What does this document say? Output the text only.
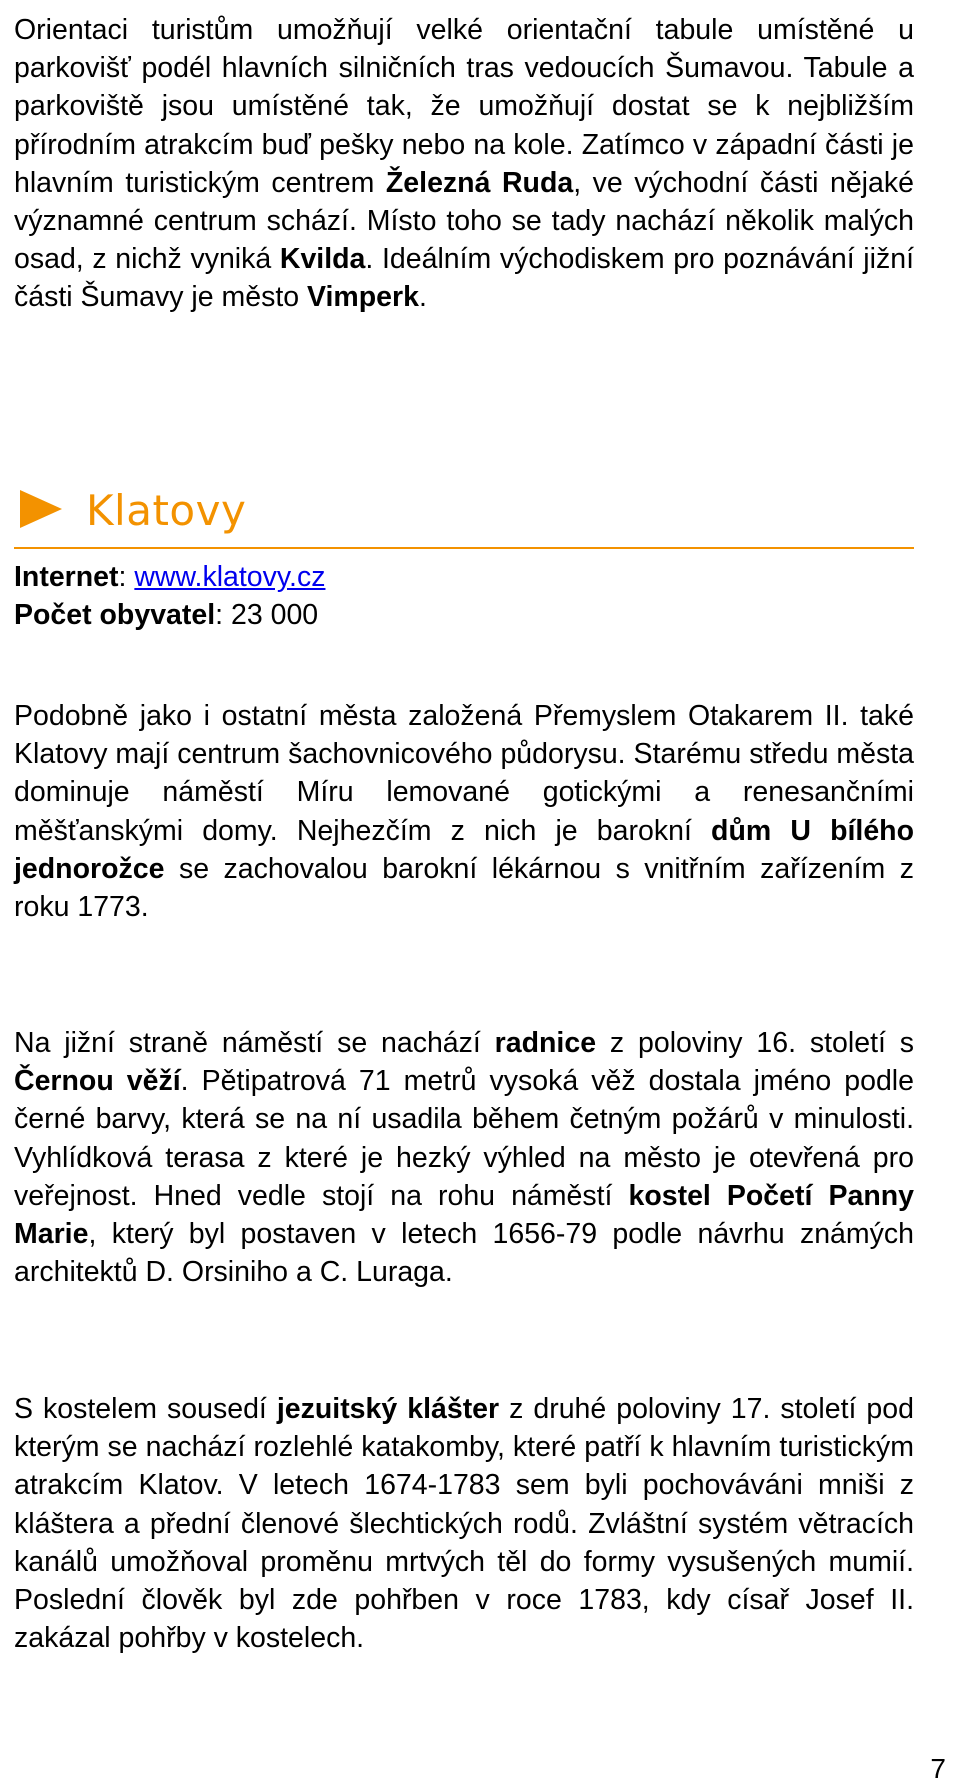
Orientaci turistům umožňují velké orientační tabule umístěné u parkovišť podél hlavních silničních tras vedoucích Šumavou. Tabule a parkoviště jsou umístěné tak, že umožňují dostat se k nejbližším přírodním atrakcím buď pešky nebo na kole. Zatímco v západní části je hlavním turistickým centrem Železná Ruda, ve východní části nějaké významné centrum schází. Místo toho se tady nachází několik malých osad, z nichž vyniká Kvilda. Ideálním východiskem pro poznávání jižní části Šumavy je město Vimperk.

Klatovy
Internet: www.klatovy.cz
Počet obyvatel: 23 000

Podobně jako i ostatní města založená Přemyslem Otakarem II. také Klatovy mají centrum šachovnicového půdorysu. Starému středu města dominuje náměstí Míru lemované gotickými a renesančními měšťanskými domy. Nejhezčím z nich je barokní dům U bílého jednorožce se zachovalou barokní lékárnou s vnitřním zařízením z roku 1773.

Na jižní straně náměstí se nachází radnice z poloviny 16. století s Černou věží. Pětipatrová 71 metrů vysoká věž dostala jméno podle černé barvy, která se na ní usadila během četným požárů v minulosti. Vyhlídková terasa z které je hezký výhled na město je otevřená pro veřejnost. Hned vedle stojí na rohu náměstí kostel Početí Panny Marie, který byl postaven v letech 1656-79 podle návrhu známých architektů D. Orsiniho a C. Luraga.

S kostelem sousedí jezuitský klášter z druhé poloviny 17. století pod kterým se nachází rozlehlé katakomby, které patří k hlavním turistickým atrakcím Klatov. V letech 1674-1783 sem byli pochováváni mniši z kláštera a přední členové šlechtických rodů. Zvláštní systém větracích kanálů umožňoval proměnu mrtvých těl do formy vysušených mumií. Poslední člověk byl zde pohřben v roce 1783, kdy císař Josef II. zakázal pohřby v kostelech.

7
